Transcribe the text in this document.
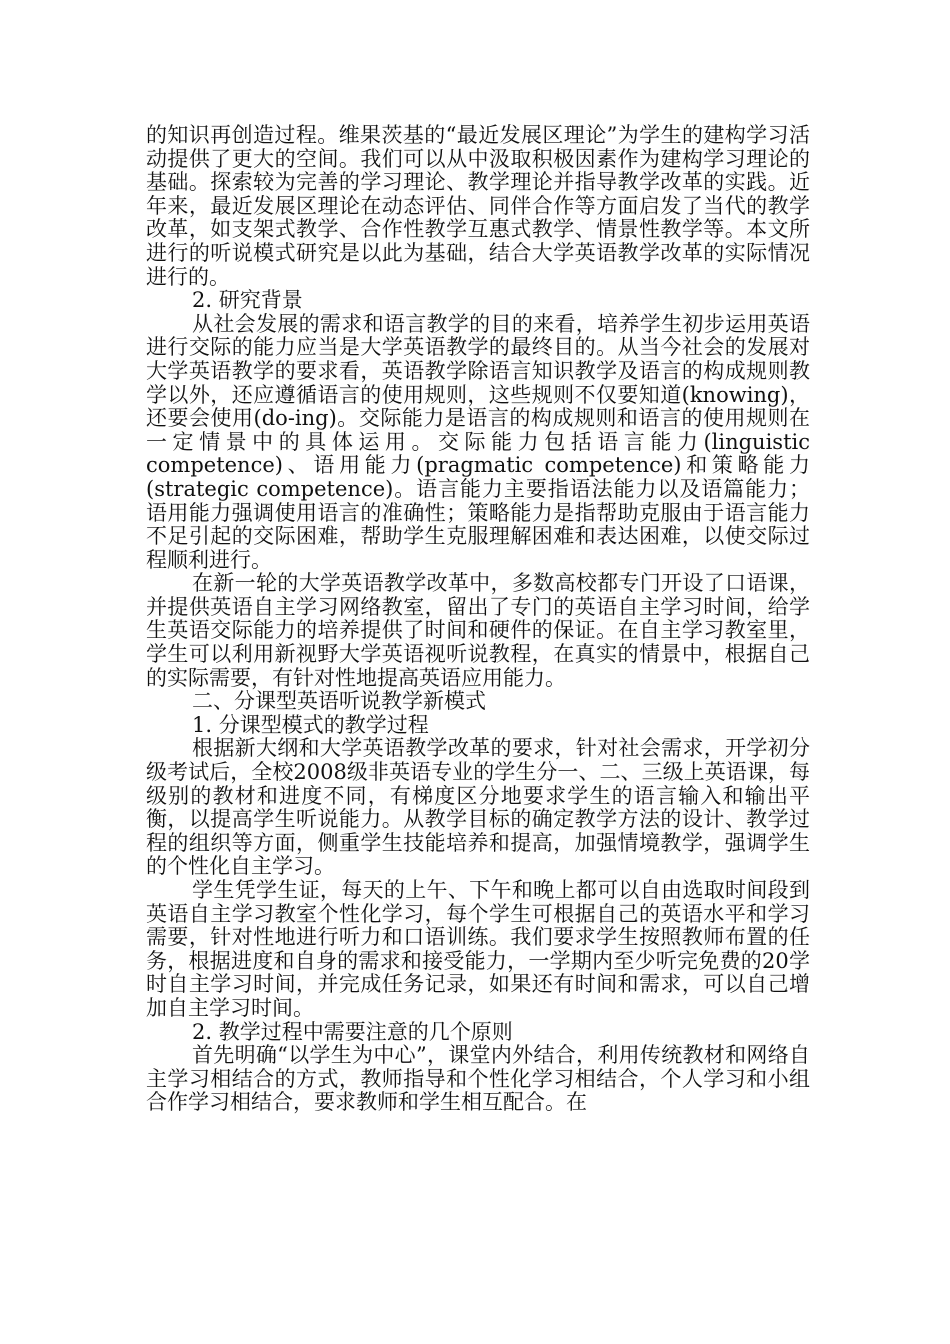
的知识再创造过程。维果茨基的“最近发展区理论”为学生的建构学习活动提供了更大的空间。我们可以从中汲取积极因素作为建构学习理论的基础。探索较为完善的学习理论、教学理论并指导教学改革的实践。近年来，最近发展区理论在动态评估、同伴合作等方面启发了当代的教学改革，如支架式教学、合作性教学互惠式教学、情景性教学等。本文所进行的听说模式研究是以此为基础，结合大学英语教学改革的实际情况进行的。

2. 研究背景

从社会发展的需求和语言教学的目的来看，培养学生初步运用英语进行交际的能力应当是大学英语教学的最终目的。从当今社会的发展对大学英语教学的要求看，英语教学除语言知识教学及语言的构成规则教学以外，还应遵循语言的使用规则，这些规则不仅要知道(knowing)，还要会使用(do-ing)。交际能力是语言的构成规则和语言的使用规则在一定情景中的具体运用。交际能力包括语言能力(linguistic competence)、语用能力(pragmatic competence)和策略能力(strategic competence)。语言能力主要指语法能力以及语篇能力；语用能力强调使用语言的准确性；策略能力是指帮助克服由于语言能力不足引起的交际困难，帮助学生克服理解困难和表达困难，以使交际过程顺利进行。

在新一轮的大学英语教学改革中，多数高校都专门开设了口语课，并提供英语自主学习网络教室，留出了专门的英语自主学习时间，给学生英语交际能力的培养提供了时间和硬件的保证。在自主学习教室里，学生可以利用新视野大学英语视听说教程，在真实的情景中，根据自己的实际需要，有针对性地提高英语应用能力。

二、分课型英语听说教学新模式

1. 分课型模式的教学过程

根据新大纲和大学英语教学改革的要求，针对社会需求，开学初分级考试后，全校2008级非英语专业的学生分一、二、三级上英语课，每级别的教材和进度不同，有梯度区分地要求学生的语言输入和输出平衡，以提高学生听说能力。从教学目标的确定教学方法的设计、教学过程的组织等方面，侧重学生技能培养和提高，加强情境教学，强调学生的个性化自主学习。

学生凭学生证，每天的上午、下午和晚上都可以自由选取时间段到英语自主学习教室个性化学习，每个学生可根据自己的英语水平和学习需要，针对性地进行听力和口语训练。我们要求学生按照教师布置的任务，根据进度和自身的需求和接受能力，一学期内至少听完免费的20学时自主学习时间，并完成任务记录，如果还有时间和需求，可以自己增加自主学习时间。

2. 教学过程中需要注意的几个原则

首先明确“以学生为中心”，课堂内外结合，利用传统教材和网络自主学习相结合的方式，教师指导和个性化学习相结合，个人学习和小组合作学习相结合，要求教师和学生相互配合。在
